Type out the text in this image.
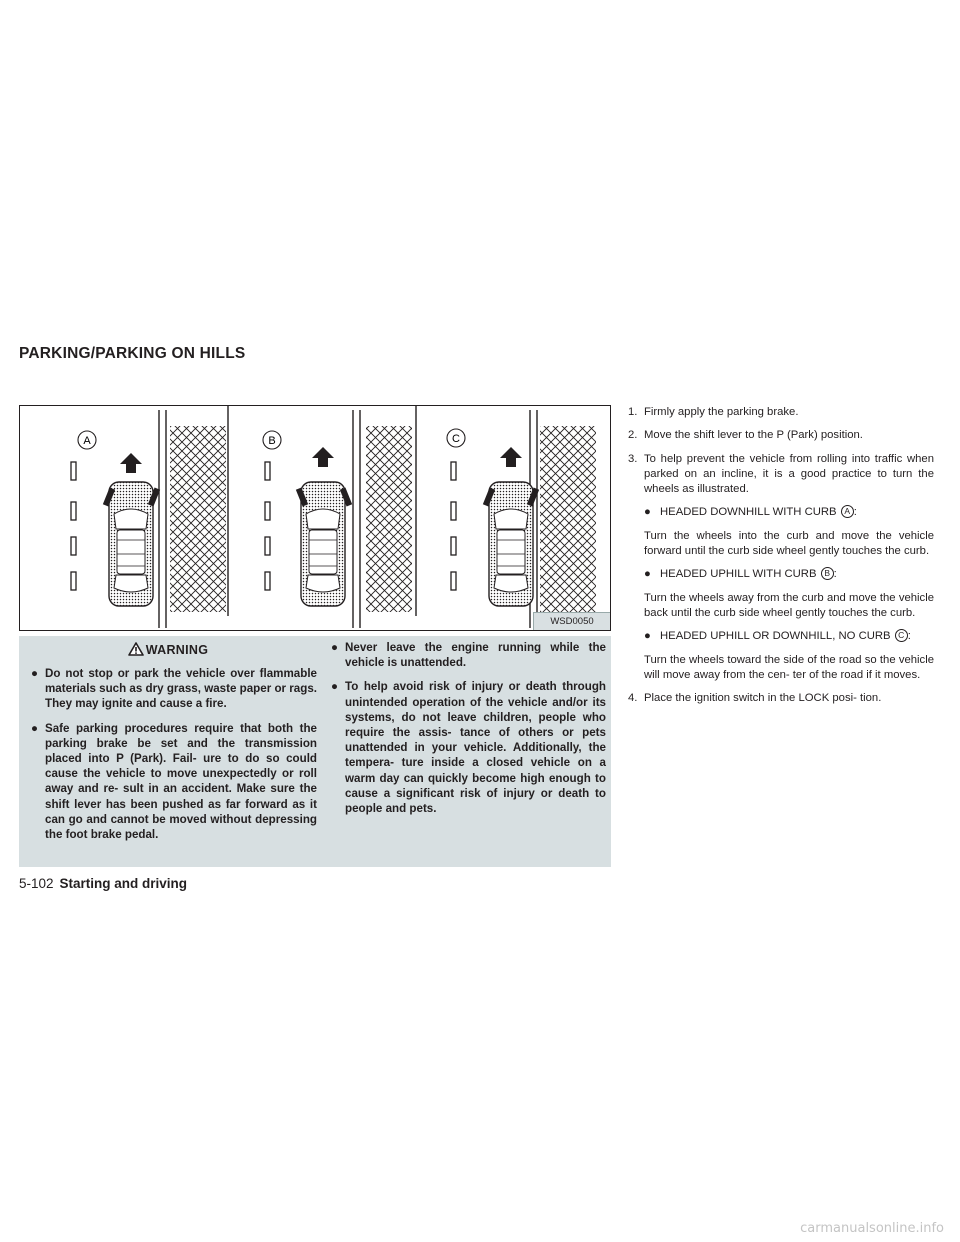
PARKING/PARKING ON HILLS
A	B	C
WSD0050
WARNING
● Do not stop or park the vehicle over flammable materials such as dry grass, waste paper or rags. They may ignite and cause a fire.
● Safe parking procedures require that both the parking brake be set and the transmission placed into P (Park). Fail- ure to do so could cause the vehicle to move unexpectedly or roll away and re- sult in an accident. Make sure the shift lever has been pushed as far forward as it can go and cannot be moved without depressing the foot brake pedal.
● Never leave the engine running while the vehicle is unattended.
● To help avoid risk of injury or death through unintended operation of the vehicle and/or its systems, do not leave children, people who require the assis- tance of others or pets unattended in your vehicle. Additionally, the tempera- ture inside a closed vehicle on a warm day can quickly become high enough to cause a significant risk of injury or death to people and pets.
1. Firmly apply the parking brake.
2. Move the shift lever to the P (Park) position.
3. To help prevent the vehicle from rolling into traffic when parked on an incline, it is a good practice to turn the wheels as illustrated.
● HEADED DOWNHILL WITH CURB A :
Turn the wheels into the curb and move the vehicle forward until the curb side wheel gently touches the curb.
● HEADED UPHILL WITH CURB B :
Turn the wheels away from the curb and move the vehicle back until the curb side wheel gently touches the curb.
● HEADED UPHILL OR DOWNHILL, NO CURB C :
Turn the wheels toward the side of the road so the vehicle will move away from the cen- ter of the road if it moves.
4. Place the ignition switch in the LOCK posi- tion.
5-102 Starting and driving
carmanualsonline.info
